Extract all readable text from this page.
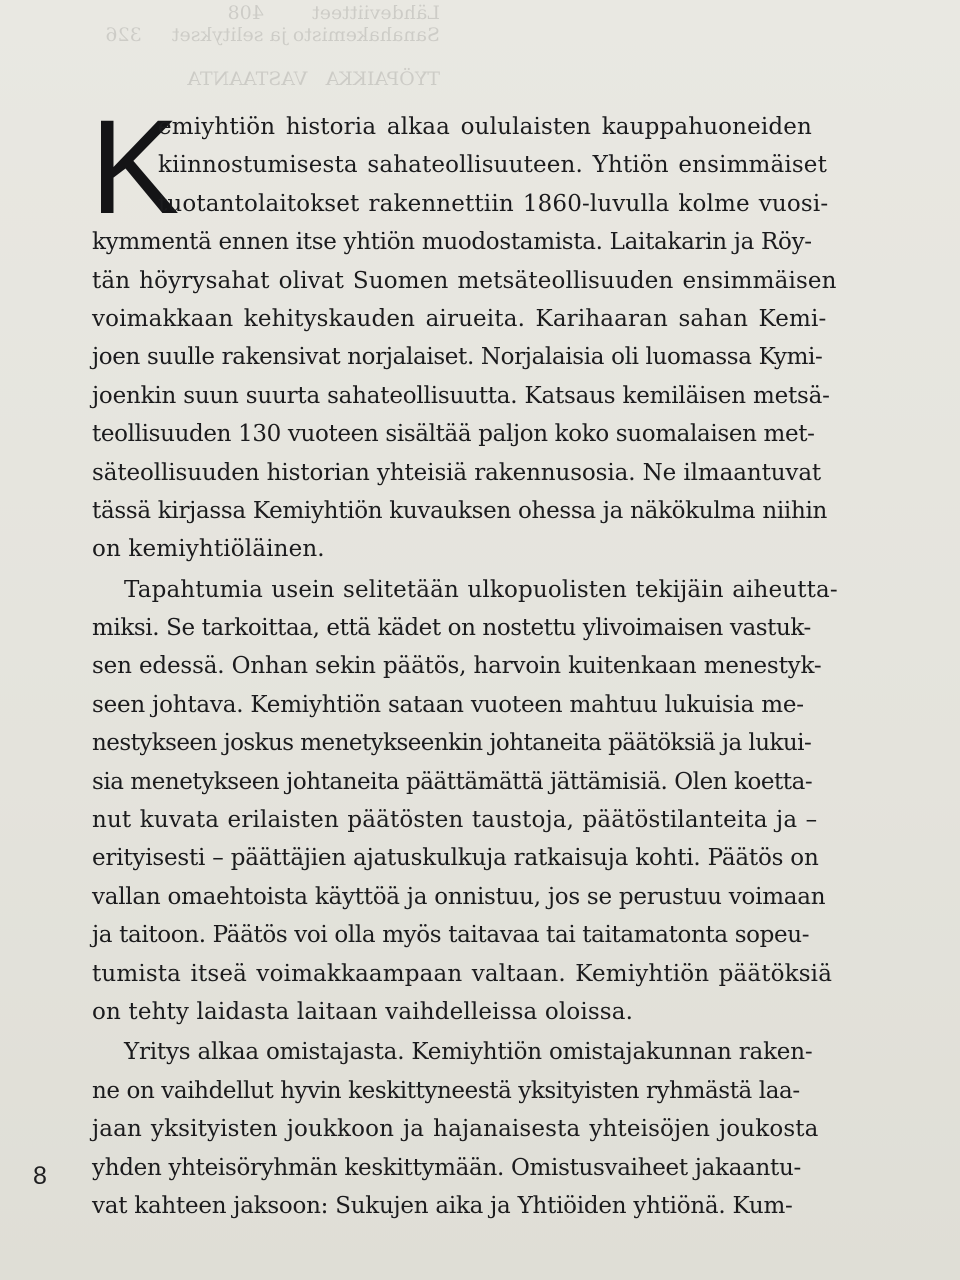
Lähdeviitteet        408
Sanahakemisto ja selitykset     326

TYÖPAIKKA   VASTAANTA
K
emiyhtiön historia alkaa oululaisten kauppahuoneiden
kiinnostumisesta sahateollisuuteen. Yhtiön ensimmäiset
tuotantolaitokset rakennettiin 1860-luvulla kolme vuosi-
kymmentä ennen itse yhtiön muodostamista. Laitakarin ja Röy-
tän höyrysahat olivat Suomen metsäteollisuuden ensimmäisen
voimakkaan kehityskauden airueita. Karihaaran sahan Kemi-
joen suulle rakensivat norjalaiset. Norjalaisia oli luomassa Kymi-
joenkin suun suurta sahateollisuutta. Katsaus kemiläisen metsä-
teollisuuden 130 vuoteen sisältää paljon koko suomalaisen met-
säteollisuuden historian yhteisiä rakennusosia. Ne ilmaantuvat
tässä kirjassa Kemiyhtiön kuvauksen ohessa ja näkökulma niihin
on kemiyhtiöläinen.
Tapahtumia usein selitetään ulkopuolisten tekijäin aiheutta-
miksi. Se tarkoittaa, että kädet on nostettu ylivoimaisen vastuk-
sen edessä. Onhan sekin päätös, harvoin kuitenkaan menestyk-
seen johtava. Kemiyhtiön sataan vuoteen mahtuu lukuisia me-
nestykseen joskus menetykseenkin johtaneita päätöksiä ja lukui-
sia menetykseen johtaneita päättämättä jättämisiä. Olen koetta-
nut kuvata erilaisten päätösten taustoja, päätöstilanteita ja –
erityisesti – päättäjien ajatuskulkuja ratkaisuja kohti. Päätös on
vallan omaehtoista käyttöä ja onnistuu, jos se perustuu voimaan
ja taitoon. Päätös voi olla myös taitavaa tai taitamatonta sopeu-
tumista itseä voimakkaampaan valtaan. Kemiyhtiön päätöksiä
on tehty laidasta laitaan vaihdelleissa oloissa.
Yritys alkaa omistajasta. Kemiyhtiön omistajakunnan raken-
ne on vaihdellut hyvin keskittyneestä yksityisten ryhmästä laa-
jaan yksityisten joukkoon ja hajanaisesta yhteisöjen joukosta
yhden yhteisöryhmän keskittymään. Omistusvaiheet jakaantu-
vat kahteen jaksoon: Sukujen aika ja Yhtiöiden yhtiönä. Kum-
8
